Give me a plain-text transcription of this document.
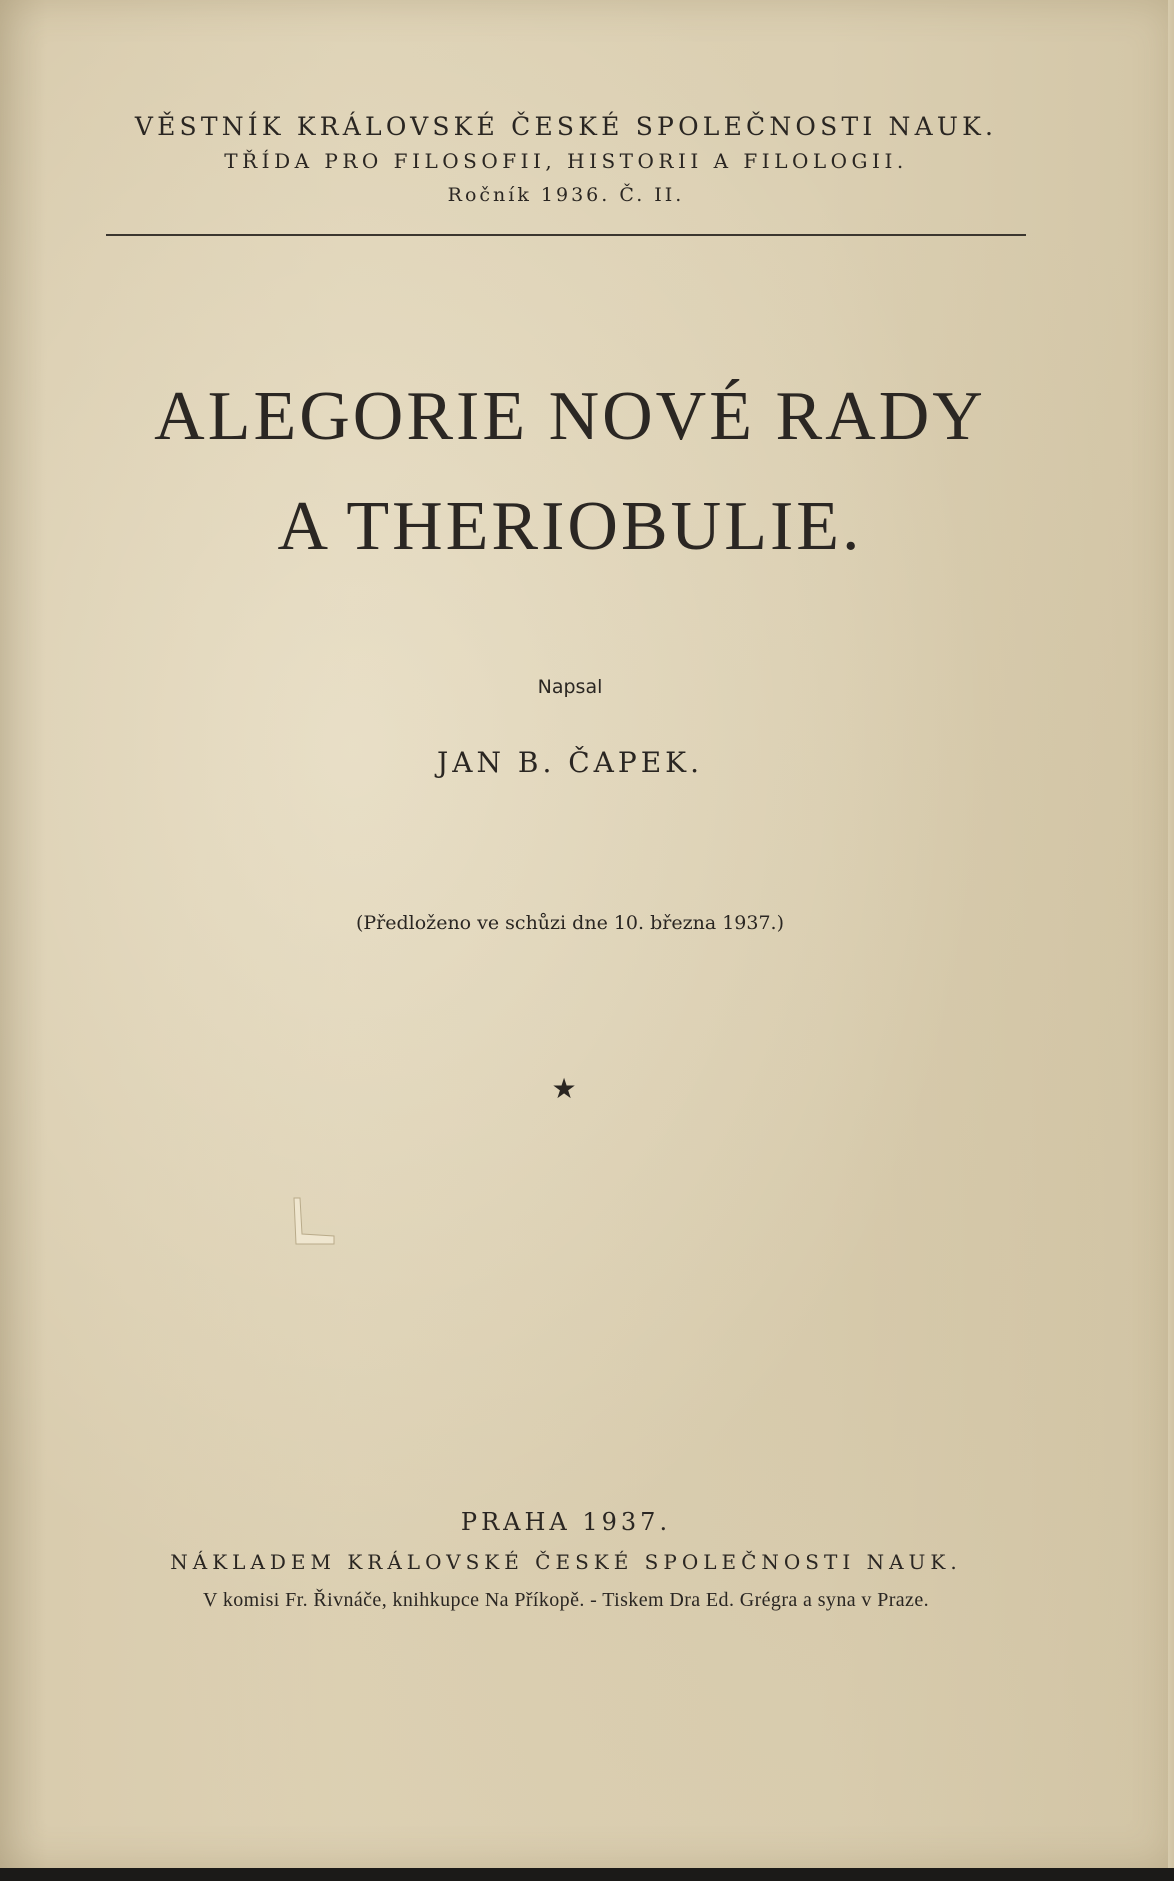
VĚSTNÍK KRÁLOVSKÉ ČESKÉ SPOLEČNOSTI NAUK.
TŘÍDA PRO FILOSOFII, HISTORII A FILOLOGII.
Ročník 1936. Č. II.
ALEGORIE NOVÉ RADY
A THERIOBULIE.
Napsal
JAN B. ČAPEK.
(Předloženo ve schůzi dne 10. března 1937.)
★
PRAHA 1937.
NÁKLADEM KRÁLOVSKÉ ČESKÉ SPOLEČNOSTI NAUK.
V komisi Fr. Řivnáče, knihkupce Na Příkopě. - Tiskem Dra Ed. Grégra a syna v Praze.
